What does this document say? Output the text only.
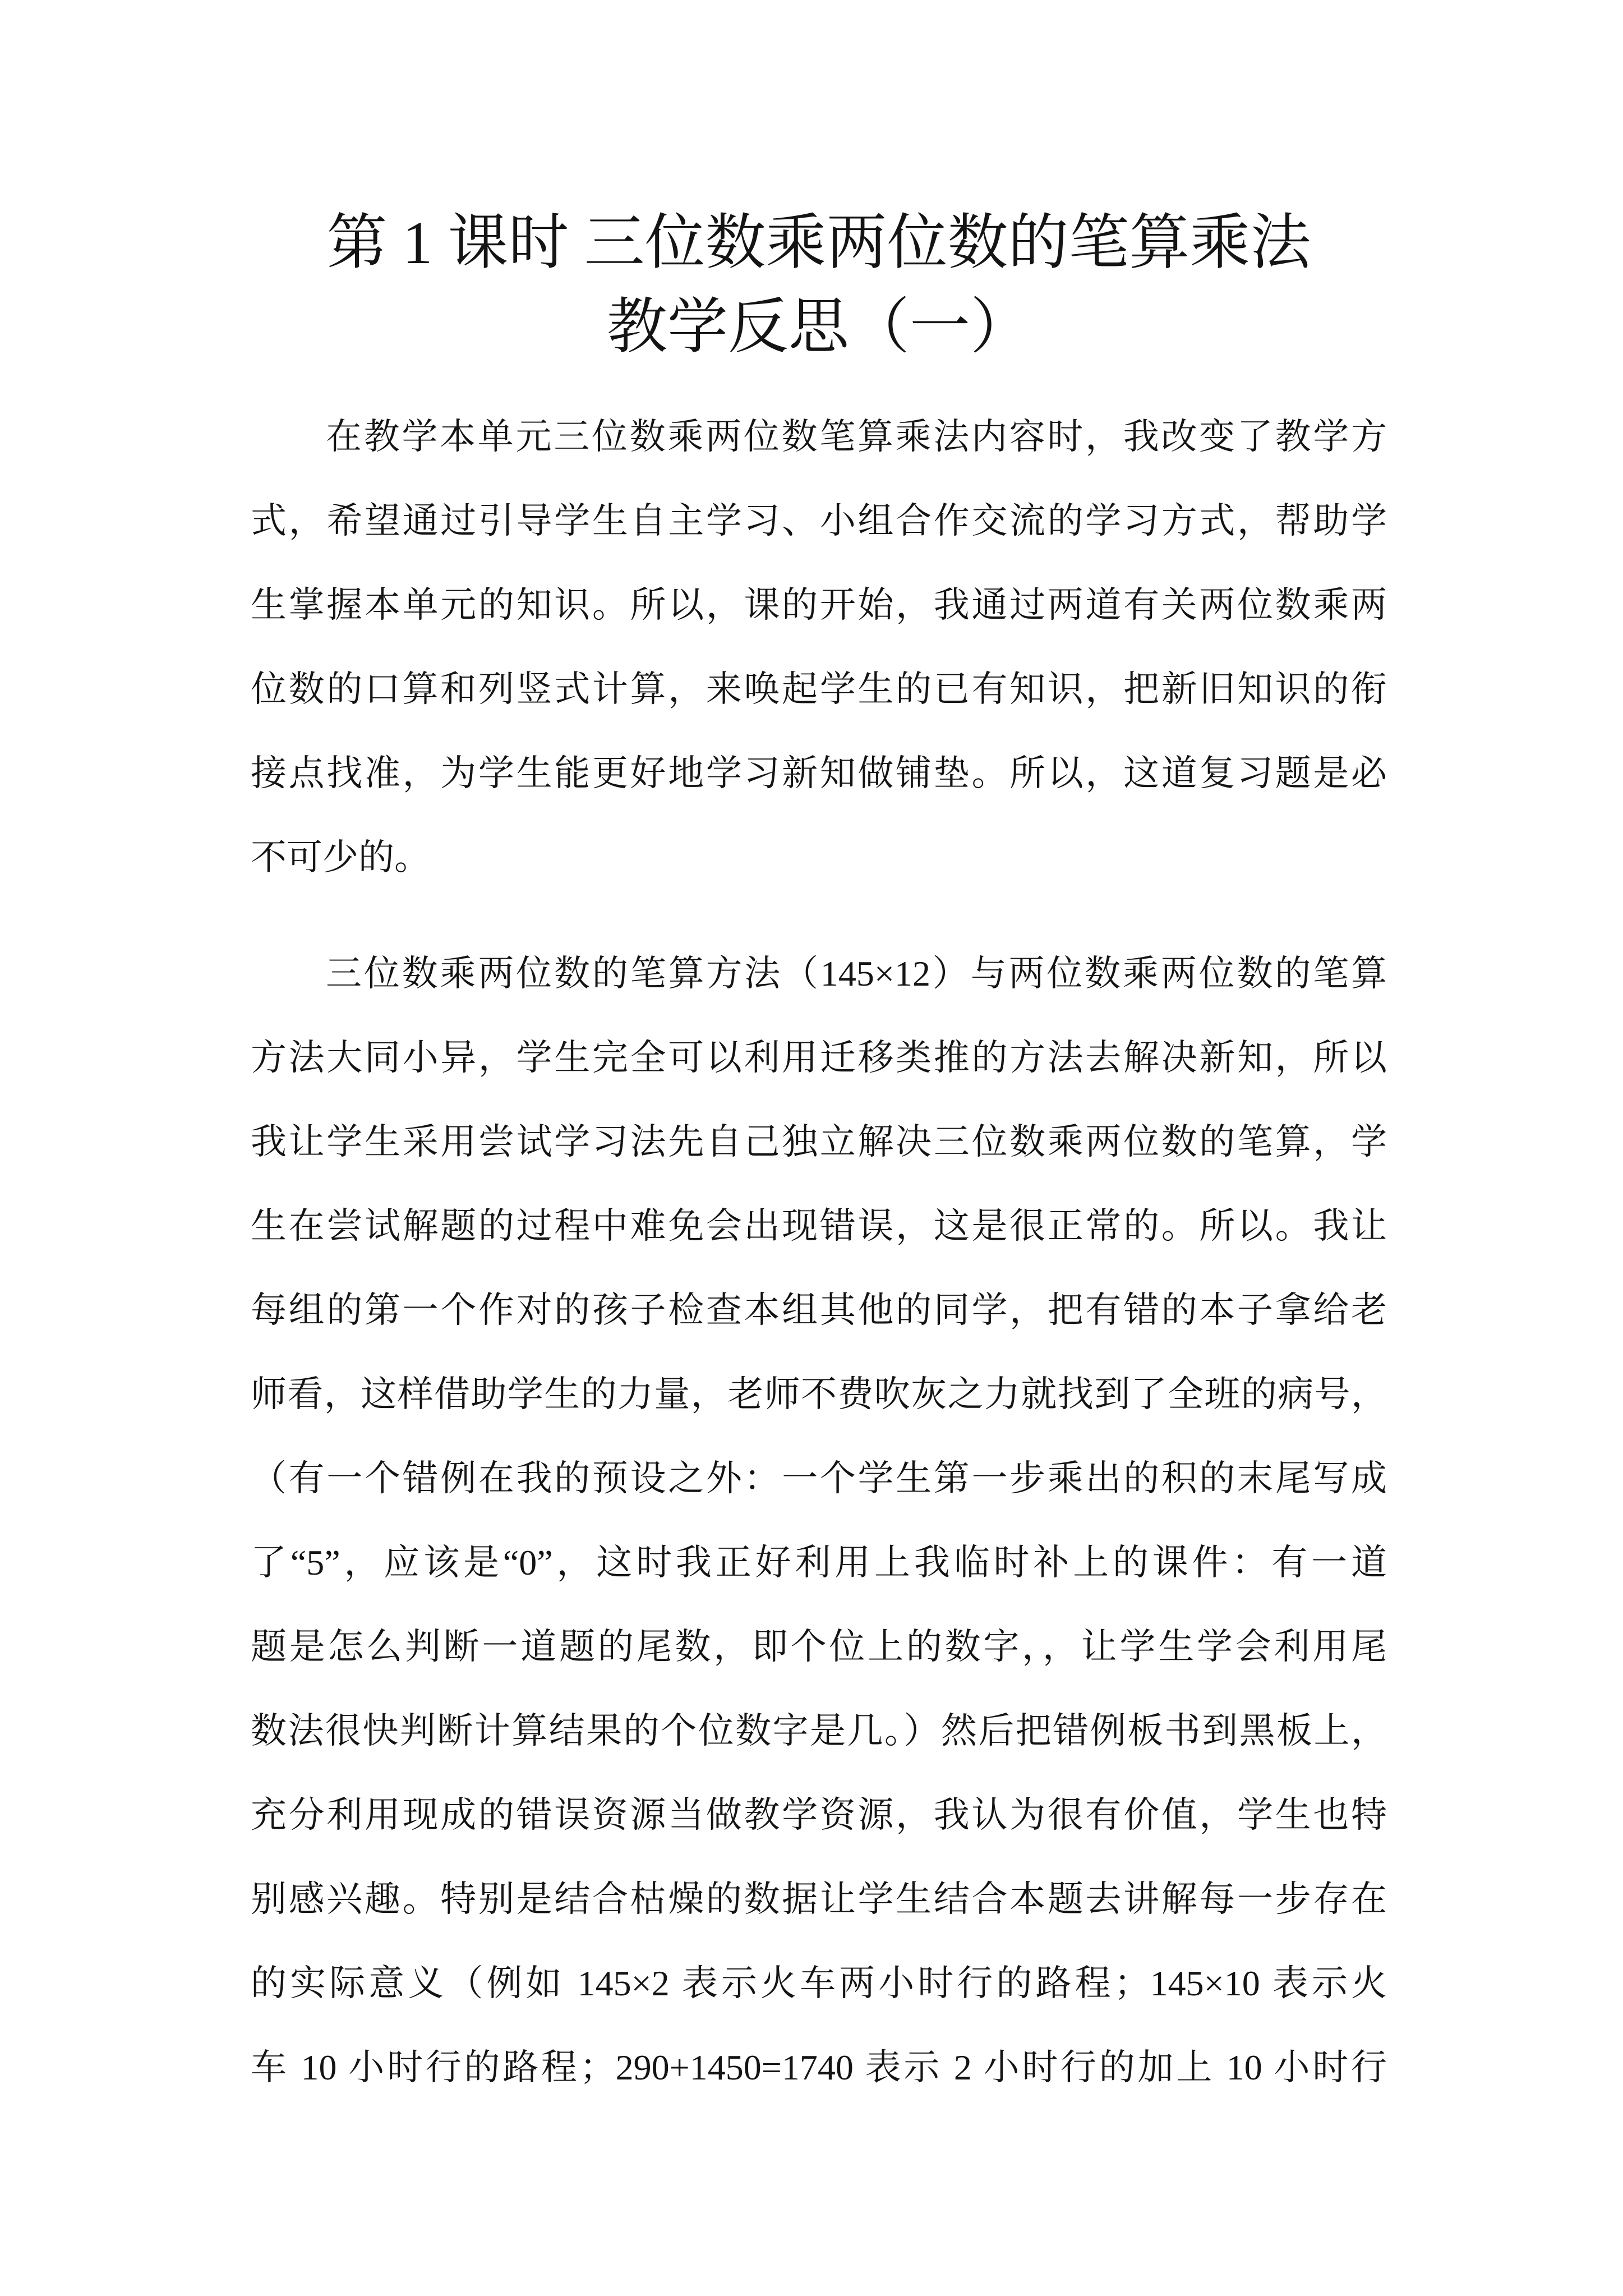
第 1 课时 三位数乘两位数的笔算乘法
教学反思（一）
在教学本单元三位数乘两位数笔算乘法内容时，我改变了教学方
式，希望通过引导学生自主学习、小组合作交流的学习方式，帮助学
生掌握本单元的知识。所以，课的开始，我通过两道有关两位数乘两
位数的口算和列竖式计算，来唤起学生的已有知识，把新旧知识的衔
接点找准，为学生能更好地学习新知做铺垫。所以，这道复习题是必
不可少的。
三位数乘两位数的笔算方法（145×12）与两位数乘两位数的笔算
方法大同小异，学生完全可以利用迁移类推的方法去解决新知，所以
我让学生采用尝试学习法先自己独立解决三位数乘两位数的笔算，学
生在尝试解题的过程中难免会出现错误，这是很正常的。所以。我让
每组的第一个作对的孩子检查本组其他的同学，把有错的本子拿给老
师看，这样借助学生的力量，老师不费吹灰之力就找到了全班的病号，
（有一个错例在我的预设之外：一个学生第一步乘出的积的末尾写成
了“5”，应该是“0”，这时我正好利用上我临时补上的课件：有一道
题是怎么判断一道题的尾数，即个位上的数字，，让学生学会利用尾
数法很快判断计算结果的个位数字是几。）然后把错例板书到黑板上，
充分利用现成的错误资源当做教学资源，我认为很有价值，学生也特
别感兴趣。特别是结合枯燥的数据让学生结合本题去讲解每一步存在
的实际意义（例如 145×2 表示火车两小时行的路程；145×10 表示火
车 10 小时行的路程；290+1450=1740 表示 2 小时行的加上 10 小时行
